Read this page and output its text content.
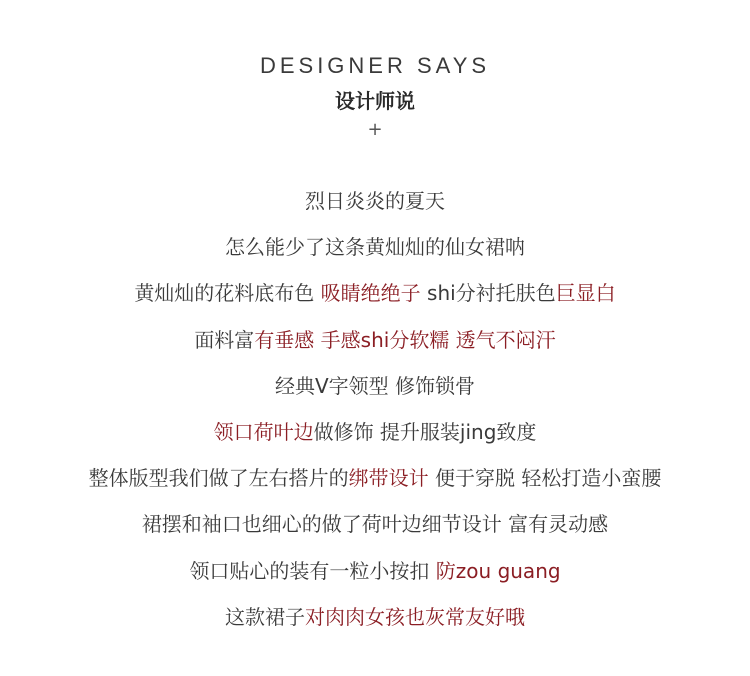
DESIGNER SAYS
设计师说
+
烈日炎炎的夏天
怎么能少了这条黄灿灿的仙女裙呐
黄灿灿的花料底布色 吸睛绝绝子 shi分衬托肤色巨显白
面料富有垂感 手感shi分软糯 透气不闷汗
经典V字领型 修饰锁骨
领口荷叶边做修饰 提升服装jing致度
整体版型我们做了左右搭片的绑带设计 便于穿脱 轻松打造小蛮腰
裙摆和袖口也细心的做了荷叶边细节设计 富有灵动感
领口贴心的装有一粒小按扣 防zou guang
这款裙子对肉肉女孩也灰常友好哦
